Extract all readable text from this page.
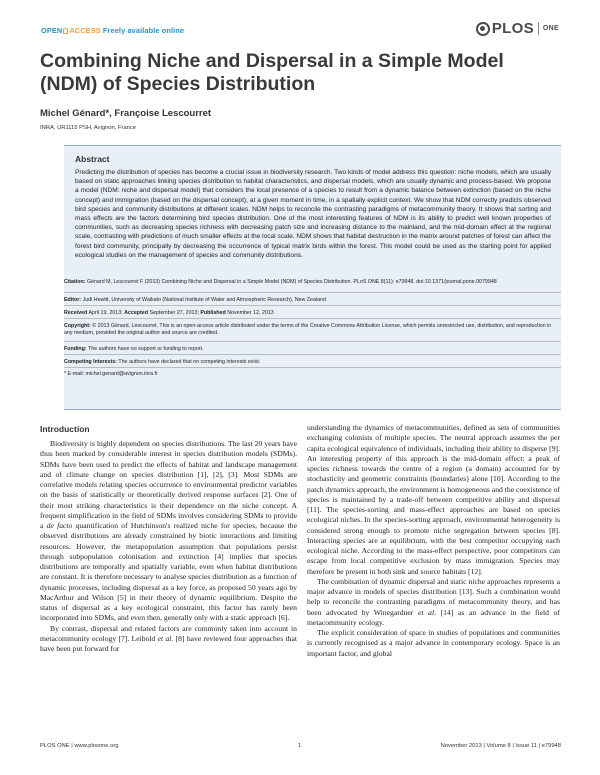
OPEN ACCESS Freely available online	PLOS ONE
Combining Niche and Dispersal in a Simple Model (NDM) of Species Distribution
Michel Génard*, Françoise Lescourret
INRA, UR1115 PSH, Avignon, France
Abstract
Predicting the distribution of species has become a crucial issue in biodiversity research. Two kinds of model address this question: niche models, which are usually based on static approaches linking species distribution to habitat characteristics, and dispersal models, which are usually dynamic and process-based. We propose a model (NDM: niche and dispersal model) that considers the local presence of a species to result from a dynamic balance between extinction (based on the niche concept) and immigration (based on the dispersal concept), at a given moment in time, in a spatially explicit context. We show that NDM correctly predicts observed bird species and community distributions at different scales. NDM helps to reconcile the contrasting paradigms of metacommunity theory. It shows that sorting and mass effects are the factors determining bird species distribution. One of the most interesting features of NDM is its ability to predict well known properties of communities, such as decreasing species richness with decreasing patch size and increasing distance to the mainland, and the mid-domain effect at the regional scale, contrasting with predictions of much smaller effects at the local scale. NDM shows that habitat destruction in the matrix around patches of forest can affect the forest bird community, principally by decreasing the occurrence of typical matrix birds within the forest. This model could be used as the starting point for applied ecological studies on the management of species and community distributions.
Citation: Génard M, Lescourret F (2013) Combining Niche and Dispersal in a Simple Model (NDM) of Species Distribution. PLoS ONE 8(11): e79948. doi:10.1371/journal.pone.0079948
Editor: Judi Hewitt, University of Waikato (National Institute of Water and Atmospheric Research), New Zealand
Received April 19, 2013; Accepted September 27, 2013; Published November 12, 2013
Copyright: © 2013 Génard, Lescourret. This is an open-access article distributed under the terms of the Creative Commons Attribution License, which permits unrestricted use, distribution, and reproduction in any medium, provided the original author and source are credited.
Funding: The authors have no support or funding to report.
Competing Interests: The authors have declared that no competing interests exist.
* E-mail: michel.genard@avignon.inra.fr
Introduction

Biodiversity is highly dependent on species distributions. The last 20 years have thus been marked by considerable interest in species distribution models (SDMs). SDMs have been used to predict the effects of habitat and landscape management and of climate change on species distribution [1], [2], [3]. Most SDMs are correlative models relating species occurrence to environmental predictor variables on the basis of statistically or theoretically derived response surfaces [2]. One of their most striking characteristics is their dependence on the niche concept. A frequent simplification in the field of SDMs involves considering SDMs to provide a de facto quantification of Hutchinson's realized niche for species, because the observed distributions are already constrained by biotic interactions and limiting resources. However, the metapopulation assumption that populations persist through subpopulation colonisation and extinction [4] implies that species distributions are temporally and spatially variable, even when habitat distributions are constant. It is therefore necessary to analyse species distribution as a function of dynamic processes, including dispersal as a key force, as proposed 50 years ago by MacArthur and Wilson [5] in their theory of dynamic equilibrium. Despite the status of dispersal as a key ecological constraint, this factor has rarely been incorporated into SDMs, and even then, generally only with a static approach [6].

By contrast, dispersal and related factors are commonly taken into account in metacommunity ecology [7]. Leibold et al. [8] have reviewed four approaches that have been put forward for

understanding the dynamics of metacommunities, defined as sets of communities exchanging colonists of multiple species. The neutral approach assumes the per capita ecological equivalence of individuals, including their ability to disperse [9]. An interesting property of this approach is the mid-domain effect: a peak of species richness towards the centre of a region (a domain) accounted for by stochasticity and geometric constraints (boundaries) alone [10]. According to the patch dynamics approach, the environment is homogeneous and the coexistence of species is maintained by a trade-off between competitive ability and dispersal [11]. The species-sorting and mass-effect approaches are based on species ecological niches. In the species-sorting approach, environmental heterogeneity is considered strong enough to promote niche segregation between species [8]. Interacting species are at equilibrium, with the best competitor occupying each ecological niche. According to the mass-effect perspective, poor competitors can escape from local competitive exclusion by mass immigration. Species may therefore be present in both sink and source habitats [12].

The combination of dynamic dispersal and static niche approaches represents a major advance in models of species distribution [13]. Such a combination would help to reconcile the contrasting paradigms of metacommunity theory, and has been advocated by Winegardner et al. [14] as an advance in the field of metacommunity ecology.

The explicit consideration of space in studies of populations and communities is currently recognised as a major advance in contemporary ecology. Space is an important factor, and global

PLOS ONE | www.plosone.org	1	November 2013 | Volume 8 | Issue 11 | e79948
